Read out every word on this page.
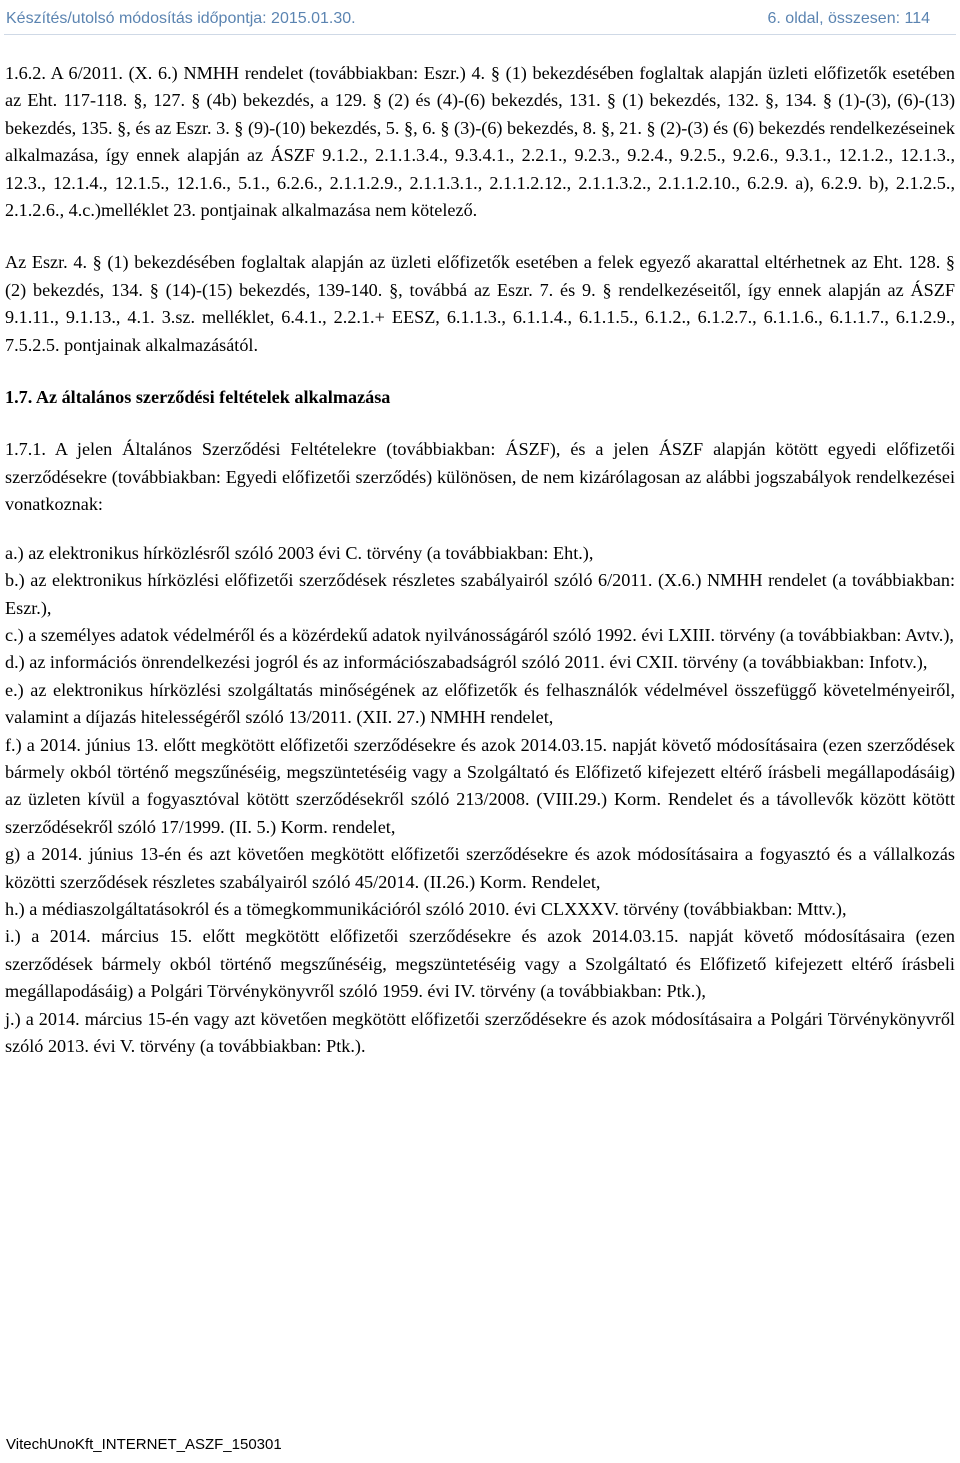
Készítés/utolsó módosítás időpontja: 2015.01.30.	6. oldal, összesen: 114

1.6.2. A 6/2011. (X. 6.) NMHH rendelet (továbbiakban: Eszr.) 4. § (1) bekezdésében foglaltak alapján üzleti előfizetők esetében az Eht. 117-118. §, 127. § (4b) bekezdés, a 129. § (2) és (4)-(6) bekezdés, 131. § (1) bekezdés, 132. §, 134. § (1)-(3), (6)-(13) bekezdés, 135. §, és az Eszr. 3. § (9)-(10) bekezdés, 5. §, 6. § (3)-(6) bekezdés, 8. §, 21. § (2)-(3) és (6) bekezdés rendelkezéseinek alkalmazása, így ennek alapján az ÁSZF 9.1.2., 2.1.1.3.4., 9.3.4.1., 2.2.1., 9.2.3., 9.2.4., 9.2.5., 9.2.6., 9.3.1., 12.1.2., 12.1.3., 12.3., 12.1.4., 12.1.5., 12.1.6., 5.1., 6.2.6., 2.1.1.2.9., 2.1.1.3.1., 2.1.1.2.12., 2.1.1.3.2., 2.1.1.2.10., 6.2.9. a), 6.2.9. b), 2.1.2.5., 2.1.2.6., 4.c.)melléklet 23. pontjainak alkalmazása nem kötelező.

Az Eszr. 4. § (1) bekezdésében foglaltak alapján az üzleti előfizetők esetében a felek egyező akarattal eltérhetnek az Eht. 128. § (2) bekezdés, 134. § (14)-(15) bekezdés, 139-140. §, továbbá az Eszr. 7. és 9. § rendelkezéseitől, így ennek alapján az ÁSZF 9.1.11., 9.1.13., 4.1. 3.sz. melléklet, 6.4.1., 2.2.1.+ EESZ, 6.1.1.3., 6.1.1.4., 6.1.1.5., 6.1.2., 6.1.2.7., 6.1.1.6., 6.1.1.7., 6.1.2.9., 7.5.2.5. pontjainak alkalmazásától.

1.7. Az általános szerződési feltételek alkalmazása

1.7.1. A jelen Általános Szerződési Feltételekre (továbbiakban: ÁSZF), és a jelen ÁSZF alapján kötött egyedi előfizetői szerződésekre (továbbiakban: Egyedi előfizetői szerződés) különösen, de nem kizárólagosan az alábbi jogszabályok rendelkezései vonatkoznak:

a.) az elektronikus hírközlésről szóló 2003 évi C. törvény (a továbbiakban: Eht.),

b.) az elektronikus hírközlési előfizetői szerződések részletes szabályairól szóló 6/2011. (X.6.) NMHH rendelet (a továbbiakban: Eszr.),

c.) a személyes adatok védelméről és a közérdekű adatok nyilvánosságáról szóló 1992. évi LXIII. törvény (a továbbiakban: Avtv.),

d.) az információs önrendelkezési jogról és az információszabadságról szóló 2011. évi CXII. törvény (a továbbiakban: Infotv.),

e.) az elektronikus hírközlési szolgáltatás minőségének az előfizetők és felhasználók védelmével összefüggő követelményeiről, valamint a díjazás hitelességéről szóló 13/2011. (XII. 27.) NMHH rendelet,

f.) a 2014. június 13. előtt megkötött előfizetői szerződésekre és azok 2014.03.15. napját követő módosításaira (ezen szerződések bármely okból történő megszűnéséig, megszüntetéséig vagy a Szolgáltató és Előfizető kifejezett eltérő írásbeli megállapodásáig) az üzleten kívül a fogyasztóval kötött szerződésekről szóló 213/2008. (VIII.29.) Korm. Rendelet és a távollevők között kötött szerződésekről szóló 17/1999. (II. 5.) Korm. rendelet,

g) a 2014. június 13-én és azt követően megkötött előfizetői szerződésekre és azok módosításaira a fogyasztó és a vállalkozás közötti szerződések részletes szabályairól szóló 45/2014. (II.26.) Korm. Rendelet,

h.) a médiaszolgáltatásokról és a tömegkommunikációról szóló 2010. évi CLXXXV. törvény (továbbiakban: Mttv.),

i.) a 2014. március 15. előtt megkötött előfizetői szerződésekre és azok 2014.03.15. napját követő módosításaira (ezen szerződések bármely okból történő megszűnéséig, megszüntetéséig vagy a Szolgáltató és Előfizető kifejezett eltérő írásbeli megállapodásáig) a Polgári Törvénykönyvről szóló 1959. évi IV. törvény (a továbbiakban: Ptk.),

j.) a 2014. március 15-én vagy azt követően megkötött előfizetői szerződésekre és azok módosításaira a Polgári Törvénykönyvről szóló 2013. évi V. törvény (a továbbiakban: Ptk.).

VitechUnoKft_INTERNET_ASZF_150301
